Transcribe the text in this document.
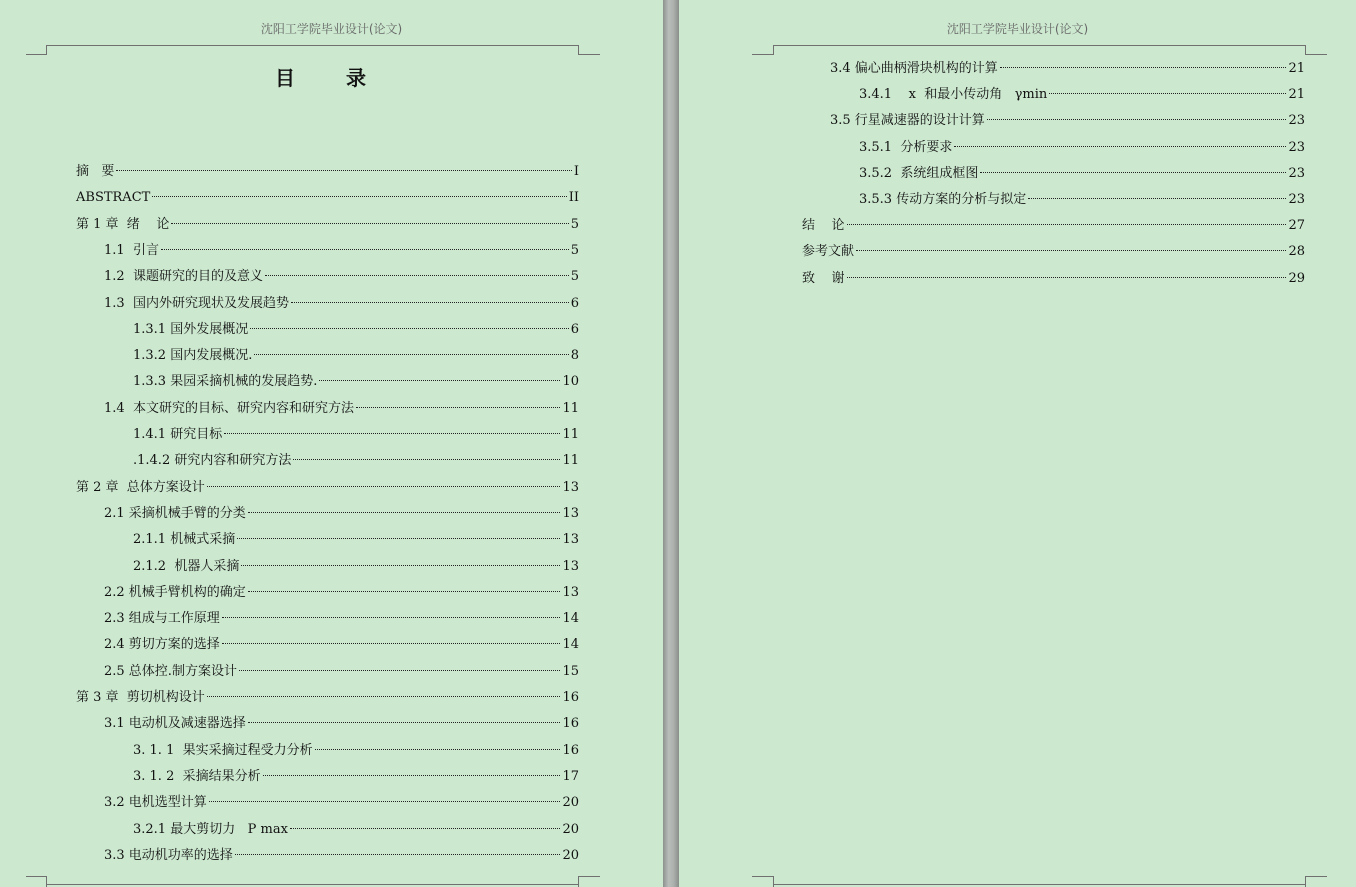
沈阳工学院毕业设计(论文)
目 录
摘   要	I
ABSTRACT	II
第 1 章  绪    论	5
1.1  引言	5
1.2  课题研究的目的及意义	5
1.3  国内外研究现状及发展趋势	6
1.3.1 国外发展概况	6
1.3.2 国内发展概况.	8
1.3.3 果园采摘机械的发展趋势.	10
1.4  本文研究的目标、研究内容和研究方法	11
1.4.1 研究目标	11
.1.4.2 研究内容和研究方法	11
第 2 章  总体方案设计	13
2.1 采摘机械手臂的分类	13
2.1.1 机械式采摘	13
2.1.2  机器人采摘	13
2.2 机械手臂机构的确定	13
2.3 组成与工作原理	14
2.4 剪切方案的选择	14
2.5 总体控.制方案设计	15
第 3 章  剪切机构设计	16
3.1 电动机及减速器选择	16
3. 1. 1  果实采摘过程受力分析	16
3. 1. 2  采摘结果分析	17
3.2 电机选型计算	20
3.2.1 最大剪切力   P max	20
3.3 电动机功率的选择	20
沈阳工学院毕业设计(论文)
3.4 偏心曲柄滑块机构的计算	21
3.4.1    x  和最小传动角   γmin	21
3.5 行星减速器的设计计算	23
3.5.1  分析要求	23
3.5.2  系统组成框图	23
3.5.3 传动方案的分析与拟定	23
结    论	27
参考文献	28
致    谢	29
